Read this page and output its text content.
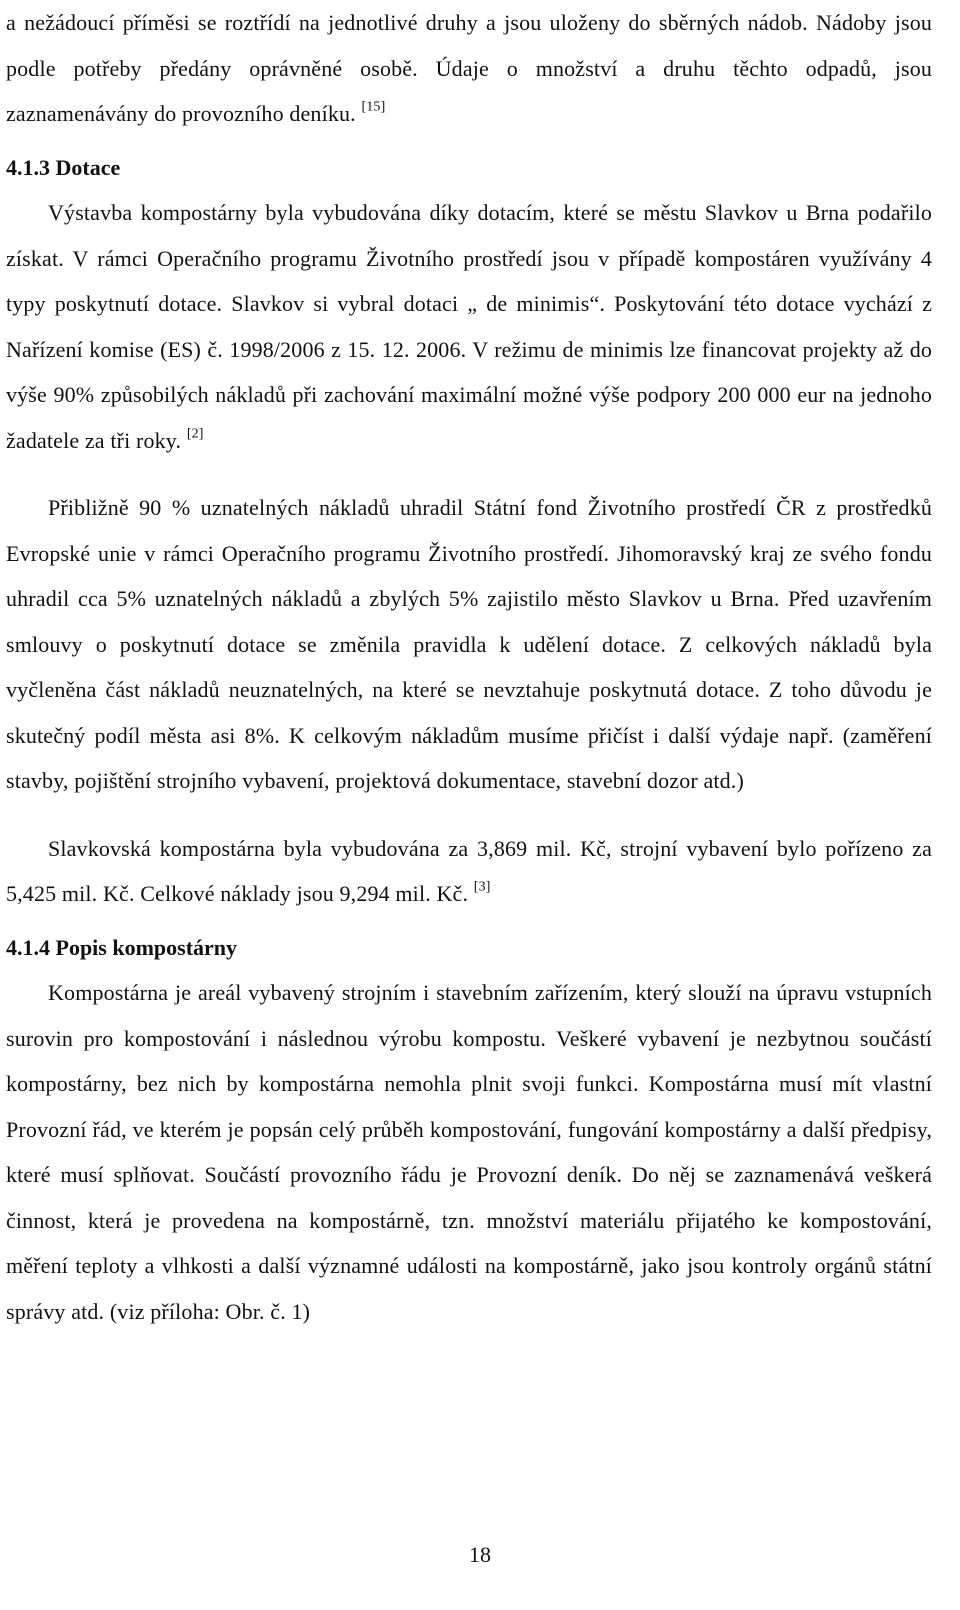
a nežádoucí příměsi se roztřídí na jednotlivé druhy a jsou uloženy do sběrných nádob. Nádoby jsou podle potřeby předány oprávněné osobě. Údaje o množství a druhu těchto odpadů, jsou zaznamenávány do provozního deníku. [15]

4.1.3 Dotace

Výstavba kompostárny byla vybudována díky dotacím, které se městu Slavkov u Brna podařilo získat. V rámci Operačního programu Životního prostředí jsou v případě kompostáren využívány 4 typy poskytnutí dotace. Slavkov si vybral dotaci „ de minimis“. Poskytování této dotace vychází z Nařízení komise (ES) č. 1998/2006 z 15. 12. 2006. V režimu de minimis lze financovat projekty až do výše 90% způsobilých nákladů při zachování maximální možné výše podpory 200 000 eur na jednoho žadatele za tři roky. [2]

Přibližně 90 % uznatelných nákladů uhradil Státní fond Životního prostředí ČR z prostředků Evropské unie v rámci Operačního programu Životního prostředí. Jihomoravský kraj ze svého fondu uhradil cca 5% uznatelných nákladů a zbylých 5% zajistilo město Slavkov u Brna. Před uzavřením smlouvy o poskytnutí dotace se změnila pravidla k udělení dotace. Z celkových nákladů byla vyčleněna část nákladů neuznatelných, na které se nevztahuje poskytnutá dotace. Z toho důvodu je skutečný podíl města asi 8%. K celkovým nákladům musíme přičíst i další výdaje např. (zaměření stavby, pojištění strojního vybavení, projektová dokumentace, stavební dozor atd.)

Slavkovská kompostárna byla vybudována za 3,869 mil. Kč, strojní vybavení bylo pořízeno za 5,425 mil. Kč. Celkové náklady jsou 9,294 mil. Kč. [3]

4.1.4 Popis kompostárny

Kompostárna je areál vybavený strojním i stavebním zařízením, který slouží na úpravu vstupních surovin pro kompostování i následnou výrobu kompostu. Veškeré vybavení je nezbytnou součástí kompostárny, bez nich by kompostárna nemohla plnit svoji funkci. Kompostárna musí mít vlastní Provozní řád, ve kterém je popsán celý průběh kompostování, fungování kompostárny a další předpisy, které musí splňovat. Součástí provozního řádu je Provozní deník. Do něj se zaznamenává veškerá činnost, která je provedena na kompostárně, tzn. množství materiálu přijatého ke kompostování, měření teploty a vlhkosti a další významné události na kompostárně, jako jsou kontroly orgánů státní správy atd. (viz příloha: Obr. č. 1)

18
